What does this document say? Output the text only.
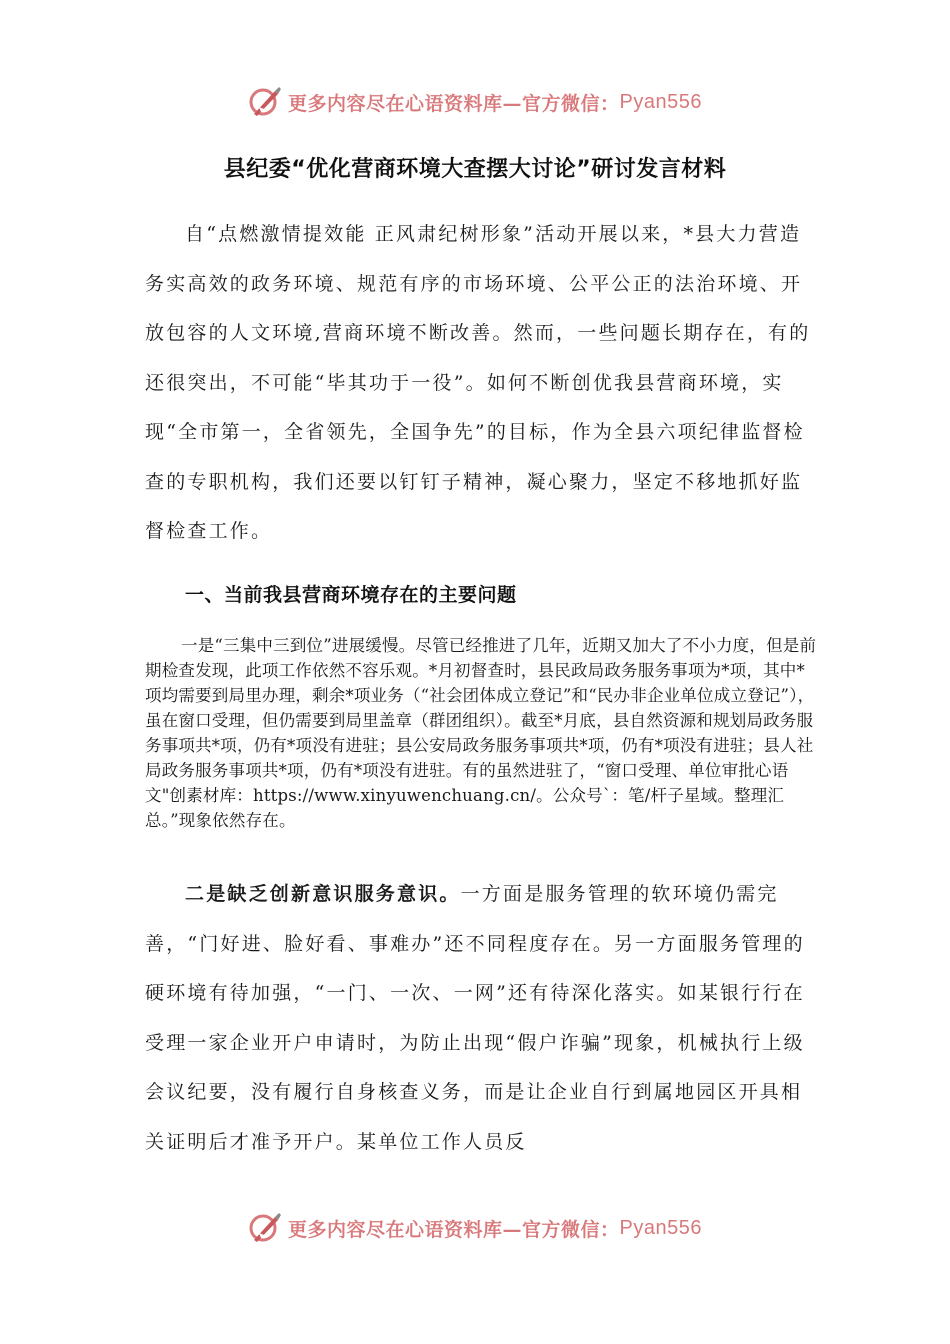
更多内容尽在心语资料库—官方微信： Pyan556
县纪委“优化营商环境大查摆大讨论”研讨发言材料

自“点燃激情提效能 正风肃纪树形象”活动开展以来，*县大力营造务实高效的政务环境、规范有序的市场环境、公平公正的法治环境、开放包容的人文环境,营商环境不断改善。然而，一些问题长期存在，有的还很突出，不可能“毕其功于一役”。如何不断创优我县营商环境，实现“全市第一，全省领先，全国争先”的目标，作为全县六项纪律监督检查的专职机构，我们还要以钉钉子精神，凝心聚力，坚定不移地抓好监督检查工作。

一、当前我县营商环境存在的主要问题

一是“三集中三到位”进展缓慢。尽管已经推进了几年，近期又加大了不小力度，但是前期检查发现，此项工作依然不容乐观。*月初督查时，县民政局政务服务事项为*项，其中*项均需要到局里办理，剩余*项业务（“社会团体成立登记”和“民办非企业单位成立登记”），虽在窗口受理，但仍需要到局里盖章（群团组织）。截至*月底，县自然资源和规划局政务服务事项共*项，仍有*项没有进驻；县公安局政务服务事项共*项，仍有*项没有进驻；县人社局政务服务事项共*项，仍有*项没有进驻。有的虽然进驻了，“窗口受理、单位审批心语文"创素材库：https://www.xinyuwenchuang.cn/。公众号`：笔/杆子星域。整理汇总。”现象依然存在。

二是缺乏创新意识服务意识。一方面是服务管理的软环境仍需完善，“门好进、脸好看、事难办”还不同程度存在。另一方面服务管理的硬环境有待加强，“一门、一次、一网”还有待深化落实。如某银行行在受理一家企业开户申请时，为防止出现“假户诈骗”现象，机械执行上级会议纪要，没有履行自身核查义务，而是让企业自行到属地园区开具相关证明后才准予开户。某单位工作人员反

更多内容尽在心语资料库—官方微信： Pyan556
